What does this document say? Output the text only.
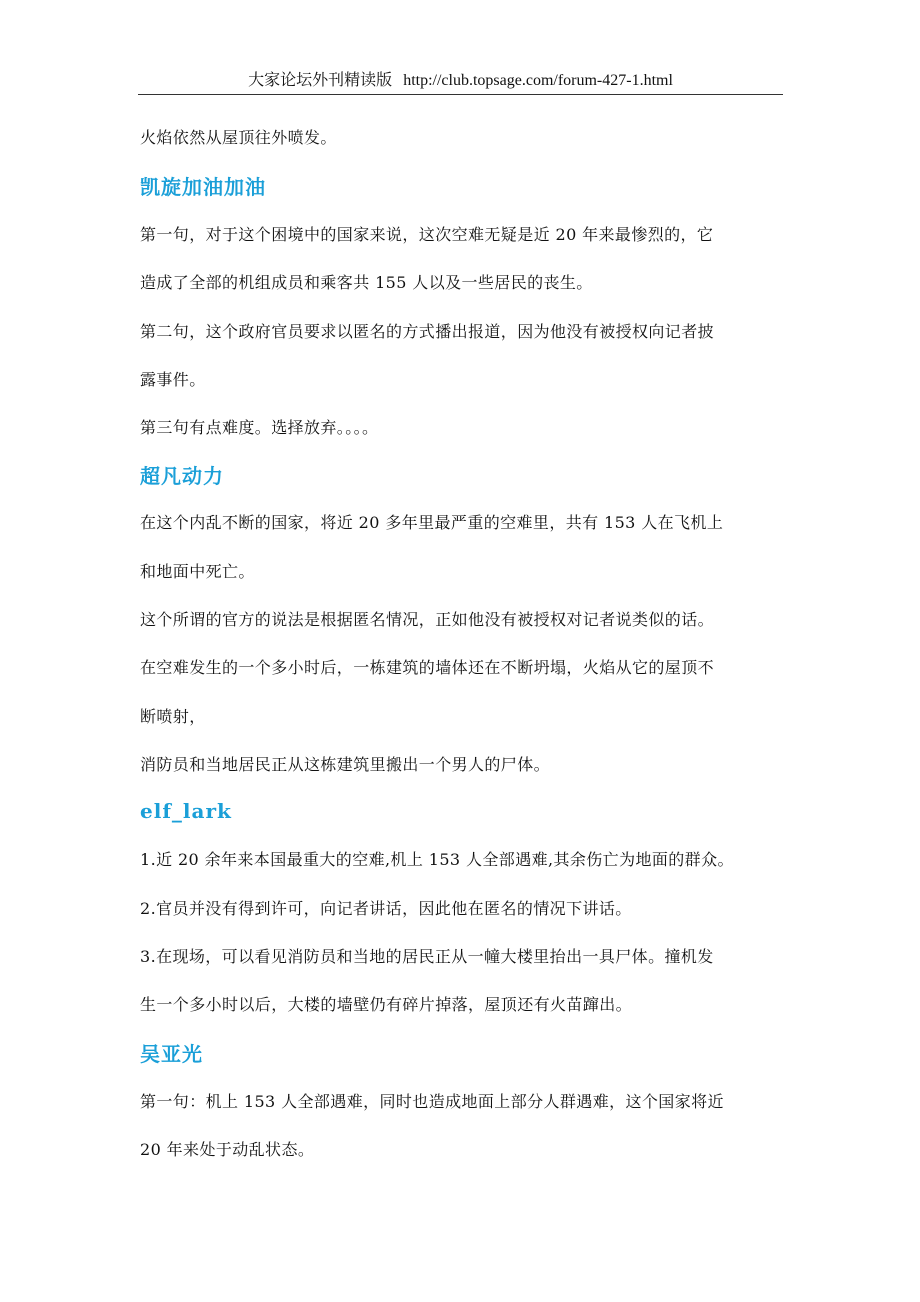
大家论坛外刊精读版 http://club.topsage.com/forum-427-1.html
火焰依然从屋顶往外喷发。
凯旋加油加油
第一句，对于这个困境中的国家来说，这次空难无疑是近 20 年来最惨烈的，它
造成了全部的机组成员和乘客共 155 人以及一些居民的丧生。
第二句，这个政府官员要求以匿名的方式播出报道，因为他没有被授权向记者披
露事件。
第三句有点难度。选择放弃。。。。
超凡动力
在这个内乱不断的国家，将近 20 多年里最严重的空难里，共有 153 人在飞机上
和地面中死亡。
这个所谓的官方的说法是根据匿名情况，正如他没有被授权对记者说类似的话。
在空难发生的一个多小时后，一栋建筑的墙体还在不断坍塌，火焰从它的屋顶不
断喷射，
消防员和当地居民正从这栋建筑里搬出一个男人的尸体。
elf_lark
1.近 20 余年来本国最重大的空难,机上 153 人全部遇难,其余伤亡为地面的群众。
2.官员并没有得到许可，向记者讲话，因此他在匿名的情况下讲话。
3.在现场，可以看见消防员和当地的居民正从一幢大楼里抬出一具尸体。撞机发
生一个多小时以后，大楼的墙壁仍有碎片掉落，屋顶还有火苗蹿出。
吴亚光
第一句：机上 153 人全部遇难，同时也造成地面上部分人群遇难，这个国家将近
20 年来处于动乱状态。
